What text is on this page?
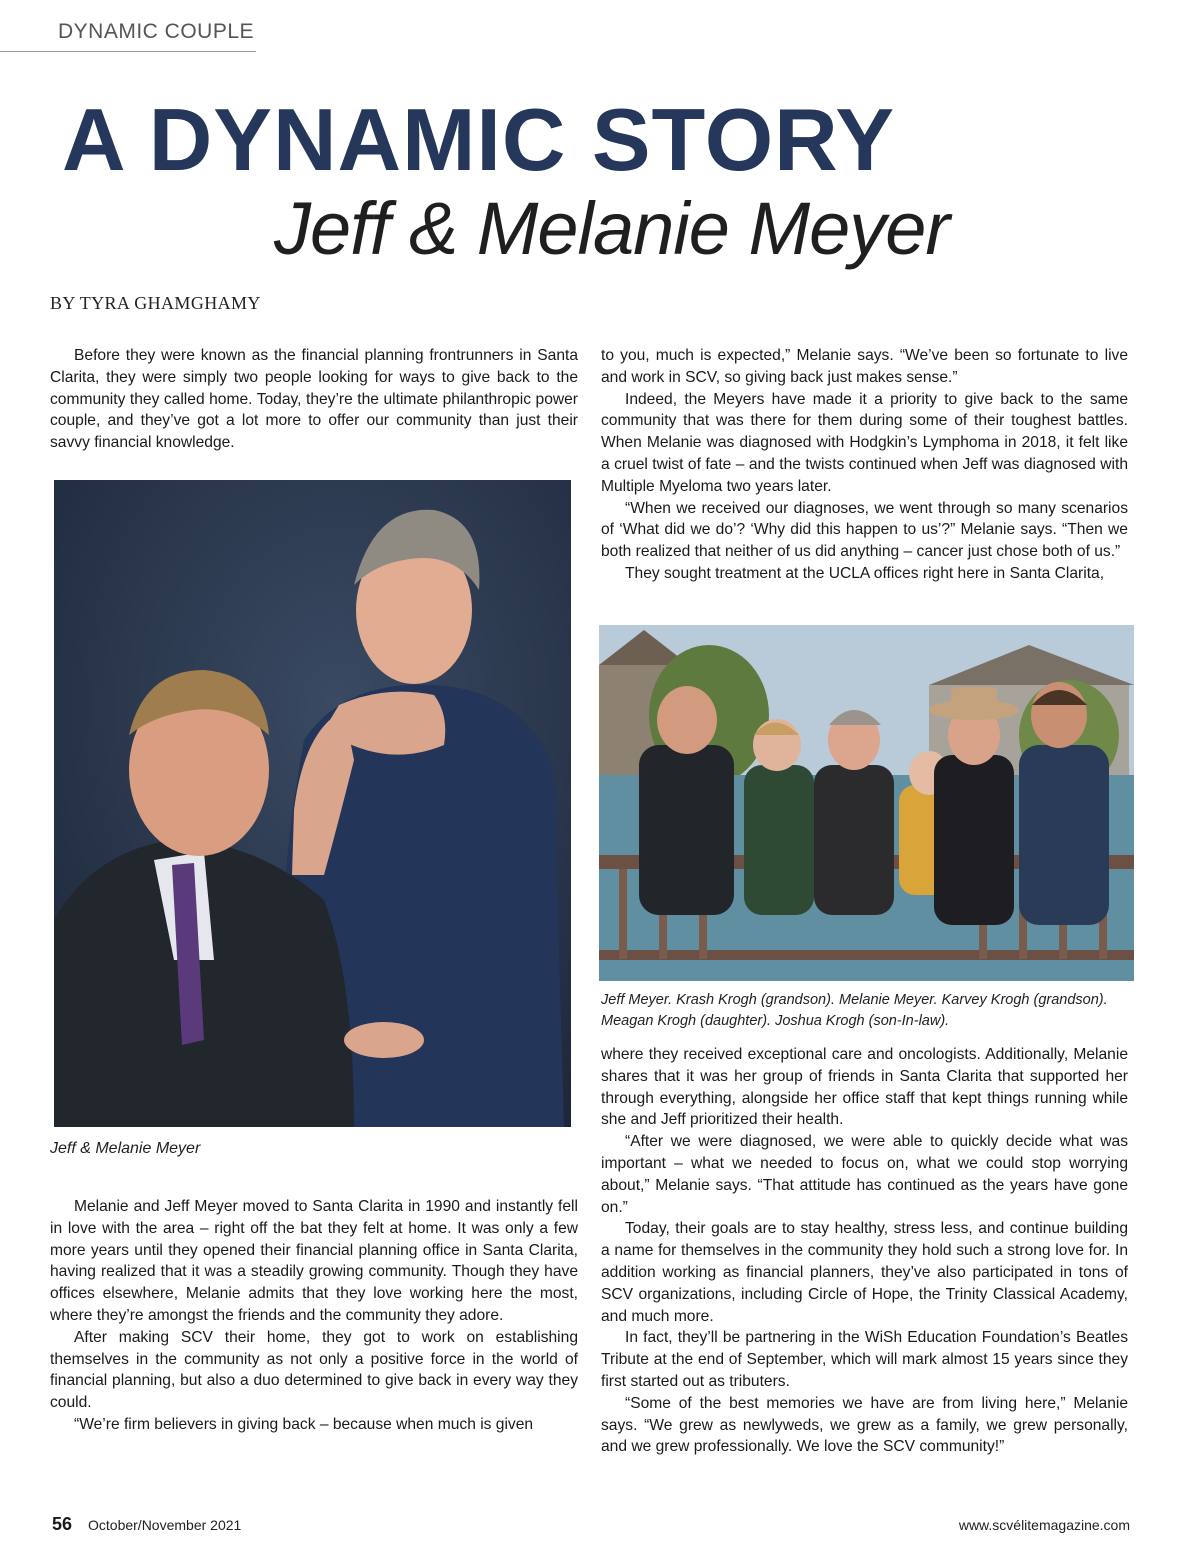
DYNAMIC COUPLE
A DYNAMIC STORY
Jeff & Melanie Meyer
BY TYRA GHAMGHAMY

Before they were known as the financial planning frontrunners in Santa Clarita, they were simply two people looking for ways to give back to the community they called home. Today, they’re the ultimate philanthropic power couple, and they’ve got a lot more to offer our community than just their savvy financial knowledge.

Jeff & Melanie Meyer

Melanie and Jeff Meyer moved to Santa Clarita in 1990 and instantly fell in love with the area – right off the bat they felt at home. It was only a few more years until they opened their financial planning office in Santa Clarita, having realized that it was a steadily growing community. Though they have offices elsewhere, Melanie admits that they love working here the most, where they’re amongst the friends and the community they adore.

After making SCV their home, they got to work on establishing themselves in the community as not only a positive force in the world of financial planning, but also a duo determined to give back in every way they could.

“We’re firm believers in giving back – because when much is given

to you, much is expected,” Melanie says. “We’ve been so fortunate to live and work in SCV, so giving back just makes sense.”

Indeed, the Meyers have made it a priority to give back to the same community that was there for them during some of their toughest battles. When Melanie was diagnosed with Hodgkin’s Lymphoma in 2018, it felt like a cruel twist of fate – and the twists continued when Jeff was diagnosed with Multiple Myeloma two years later.

“When we received our diagnoses, we went through so many scenarios of ‘What did we do’? ‘Why did this happen to us’?” Melanie says. “Then we both realized that neither of us did anything – cancer just chose both of us.”

They sought treatment at the UCLA offices right here in Santa Clarita,

Jeff Meyer. Krash Krogh (grandson). Melanie Meyer. Karvey Krogh (grandson). Meagan Krogh (daughter). Joshua Krogh (son-In-law).

where they received exceptional care and oncologists. Additionally, Melanie shares that it was her group of friends in Santa Clarita that supported her through everything, alongside her office staff that kept things running while she and Jeff prioritized their health.

“After we were diagnosed, we were able to quickly decide what was important – what we needed to focus on, what we could stop worrying about,” Melanie says. “That attitude has continued as the years have gone on.”

Today, their goals are to stay healthy, stress less, and continue building a name for themselves in the community they hold such a strong love for. In addition working as financial planners, they’ve also participated in tons of SCV organizations, including Circle of Hope, the Trinity Classical Academy, and much more.

In fact, they’ll be partnering in the WiSh Education Foundation’s Beatles Tribute at the end of September, which will mark almost 15 years since they first started out as tributers.

“Some of the best memories we have are from living here,” Melanie says. “We grew as newlyweds, we grew as a family, we grew personally, and we grew professionally. We love the SCV community!”

56 October/November 2021	www.scvélitemagazine.com
